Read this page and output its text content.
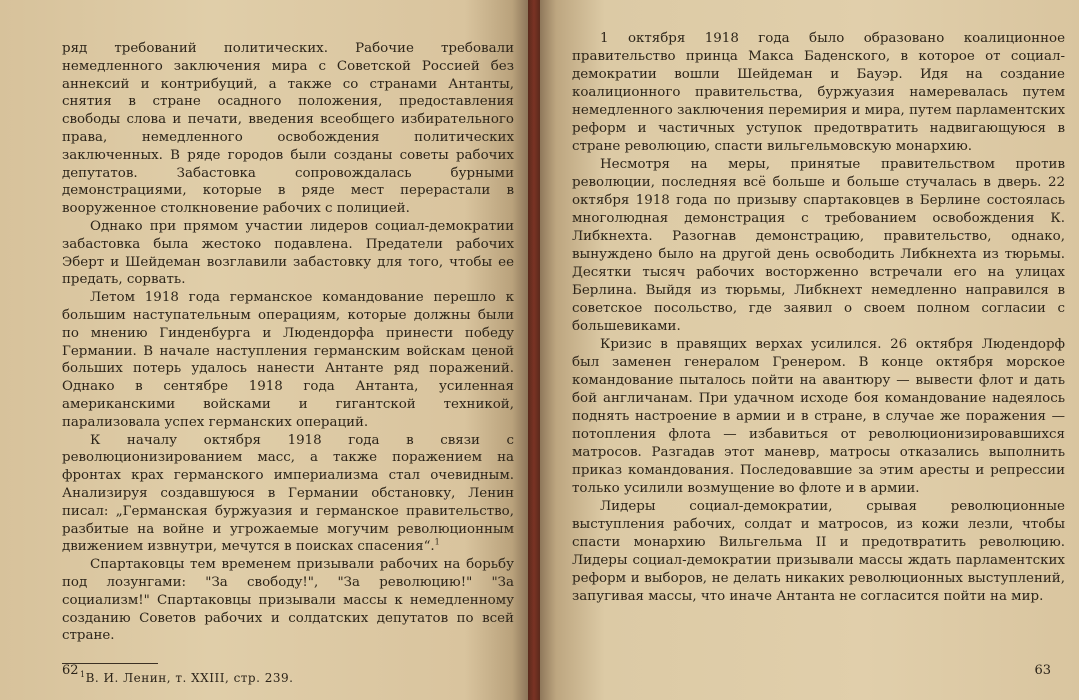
ряд требований политических. Рабочие требовали немедленного заключения мира с Советской Россией без аннексий и контрибуций, а также со странами Антанты, снятия в стране осадного положения, предоставления свободы слова и печати, введения всеобщего избирательного права, немедленного освобождения политических заключенных. В ряде городов были созданы советы рабочих депутатов. Забастовка сопровождалась бурными демонстрациями, которые в ряде мест перерастали в вооруженное столкновение рабочих с полицией.

Однако при прямом участии лидеров социал-демократии забастовка была жестоко подавлена. Предатели рабочих Эберт и Шейдеман возглавили забастовку для того, чтобы ее предать, сорвать.

Летом 1918 года германское командование перешло к большим наступательным операциям, которые должны были по мнению Гинденбурга и Людендорфа принести победу Германии. В начале наступления германским войскам ценой больших потерь удалось нанести Антанте ряд поражений. Однако в сентябре 1918 года Антанта, усиленная американскими войсками и гигантской техникой, парализовала успех германских операций.

К началу октября 1918 года в связи с революционизированием масс, а также поражением на фронтах крах германского империализма стал очевидным. Анализируя создавшуюся в Германии обстановку, Ленин писал: „Германская буржуазия и германское правительство, разбитые на войне и угрожаемые могучим революционным движением извнутри, мечутся в поисках спасения“.$^1$

Спартаковцы тем временем призывали рабочих на борьбу под лозунгами: "За свободу!", "За революцию!" "За социализм!" Спартаковцы призывали массы к немедленному созданию Советов рабочих и солдатских депутатов по всей стране.

$^1$В. И. Ленин, т. XXIII, стр. 239.

62

1 октября 1918 года было образовано коалиционное правительство принца Макса Баденского, в которое от социал-демократии вошли Шейдеман и Бауэр. Идя на создание коалиционного правительства, буржуазия намеревалась путем немедленного заключения перемирия и мира, путем парламентских реформ и частичных уступок предотвратить надвигающуюся в стране революцию, спасти вильгельмовскую монархию.

Несмотря на меры, принятые правительством против революции, последняя всё больше и больше стучалась в дверь. 22 октября 1918 года по призыву спартаковцев в Берлине состоялась многолюдная демонстрация с требованием освобождения К. Либкнехта. Разогнав демонстрацию, правительство, однако, вынуждено было на другой день освободить Либкнехта из тюрьмы. Десятки тысяч рабочих восторженно встречали его на улицах Берлина. Выйдя из тюрьмы, Либкнехт немедленно направился в советское посольство, где заявил о своем полном согласии с большевиками.

Кризис в правящих верхах усилился. 26 октября Людендорф был заменен генералом Гренером. В конце октября морское командование пыталось пойти на авантюру — вывести флот и дать бой англичанам. При удачном исходе боя командование надеялось поднять настроение в армии и в стране, в случае же поражения — потопления флота — избавиться от революционизировавшихся матросов. Разгадав этот маневр, матросы отказались выполнить приказ командования. Последовавшие за этим аресты и репрессии только усилили возмущение во флоте и в армии.

Лидеры социал-демократии, срывая революционные выступления рабочих, солдат и матросов, из кожи лезли, чтобы спасти монархию Вильгельма II и предотвратить революцию. Лидеры социал-демократии призывали массы ждать парламентских реформ и выборов, не делать никаких революционных выступлений, запугивая массы, что иначе Антанта не согласится пойти на мир.

63
